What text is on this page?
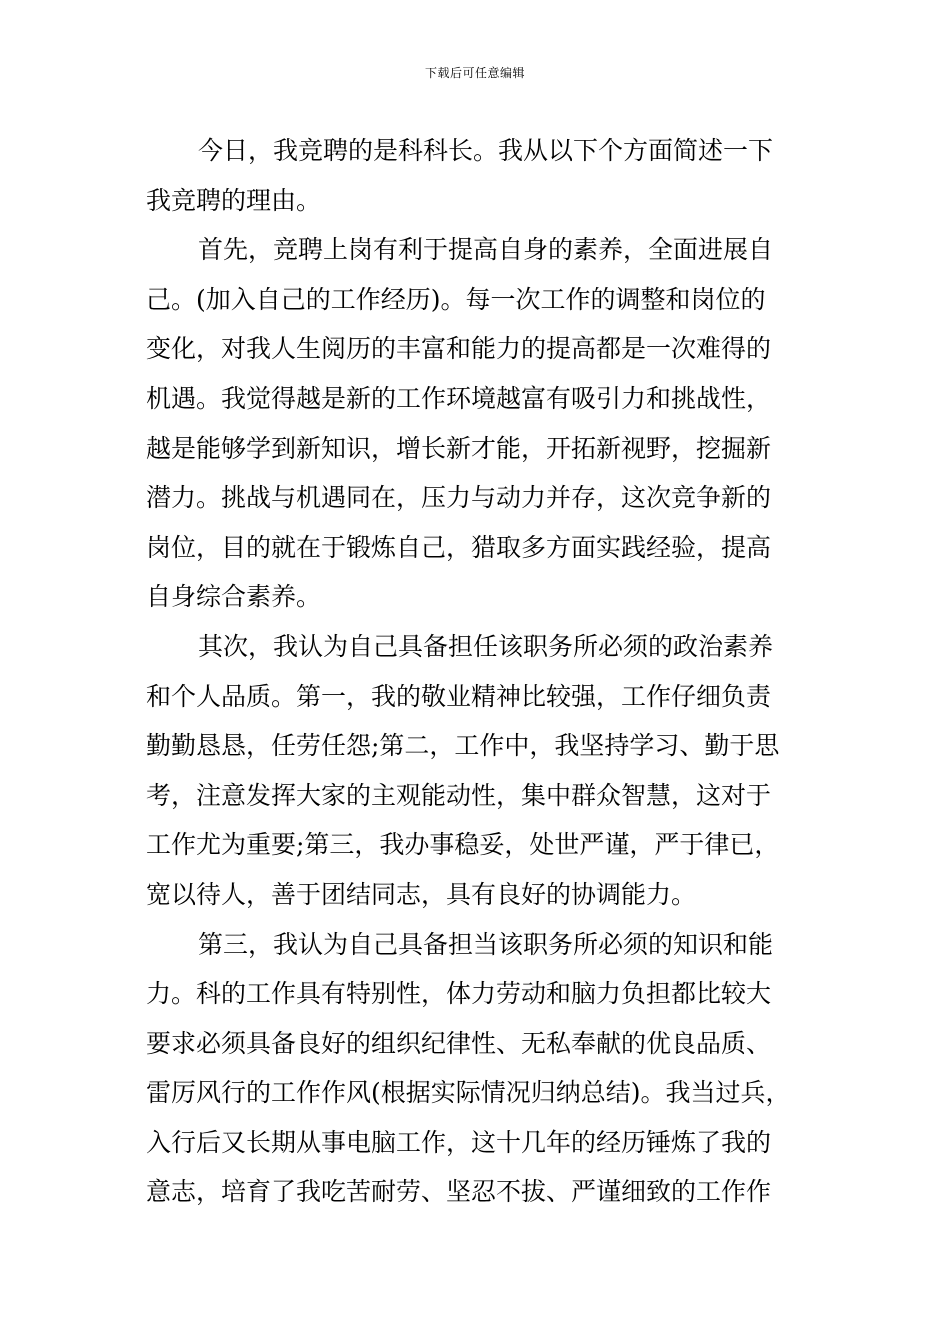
下载后可任意编辑
今日，我竞聘的是科科长。我从以下个方面简述一下
我竞聘的理由。
首先，竞聘上岗有利于提高自身的素养，全面进展自
己。(加入自己的工作经历)。每一次工作的调整和岗位的
变化，对我人生阅历的丰富和能力的提高都是一次难得的
机遇。我觉得越是新的工作环境越富有吸引力和挑战性，
越是能够学到新知识，增长新才能，开拓新视野，挖掘新
潜力。挑战与机遇同在，压力与动力并存，这次竞争新的
岗位，目的就在于锻炼自己，猎取多方面实践经验，提高
自身综合素养。
其次，我认为自己具备担任该职务所必须的政治素养
和个人品质。第一，我的敬业精神比较强，工作仔细负责
勤勤恳恳，任劳任怨;第二，工作中，我坚持学习、勤于思
考，注意发挥大家的主观能动性，集中群众智慧，这对于
工作尤为重要;第三，我办事稳妥，处世严谨，严于律已，
宽以待人，善于团结同志，具有良好的协调能力。
第三，我认为自己具备担当该职务所必须的知识和能
力。科的工作具有特别性，体力劳动和脑力负担都比较大
要求必须具备良好的组织纪律性、无私奉献的优良品质、
雷厉风行的工作作风(根据实际情况归纳总结)。我当过兵，
入行后又长期从事电脑工作，这十几年的经历锤炼了我的
意志，培育了我吃苦耐劳、坚忍不拔、严谨细致的工作作
